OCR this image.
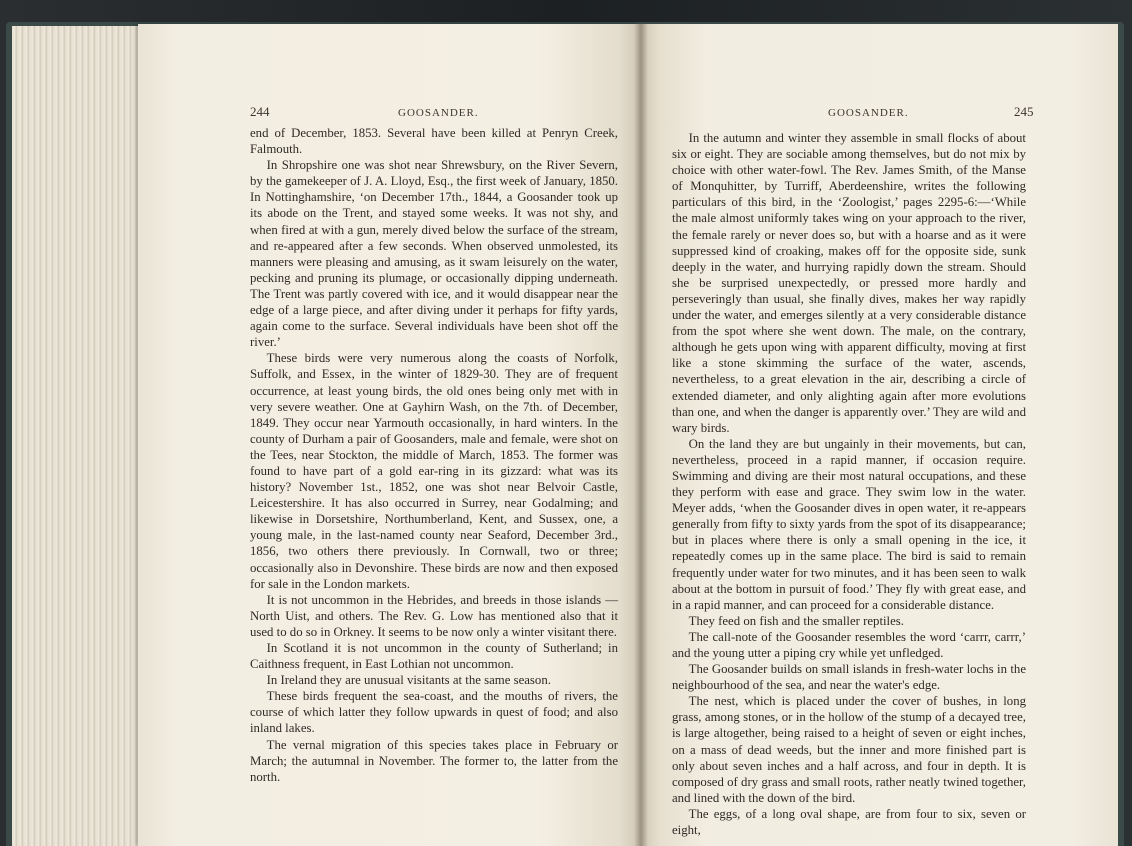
244	GOOSANDER.	GOOSANDER.	245

end of December, 1853. Several have been killed at Penryn Creek, Falmouth.

In Shropshire one was shot near Shrewsbury, on the River Severn, by the gamekeeper of J. A. Lloyd, Esq., the first week of January, 1850. In Nottinghamshire, ‘on December 17th., 1844, a Goosander took up its abode on the Trent, and stayed some weeks. It was not shy, and when fired at with a gun, merely dived below the surface of the stream, and re-appeared after a few seconds. When observed unmolested, its manners were pleasing and amusing, as it swam leisurely on the water, pecking and pruning its plumage, or occasionally dipping underneath. The Trent was partly covered with ice, and it would disappear near the edge of a large piece, and after diving under it perhaps for fifty yards, again come to the surface. Several individuals have been shot off the river.’

These birds were very numerous along the coasts of Norfolk, Suffolk, and Essex, in the winter of 1829-30. They are of frequent occurrence, at least young birds, the old ones being only met with in very severe weather. One at Gayhirn Wash, on the 7th. of December, 1849. They occur near Yarmouth occasionally, in hard winters. In the county of Durham a pair of Goosanders, male and female, were shot on the Tees, near Stockton, the middle of March, 1853. The former was found to have part of a gold ear-ring in its gizzard: what was its history? November 1st., 1852, one was shot near Belvoir Castle, Leicestershire. It has also occurred in Surrey, near Godalming; and likewise in Dorsetshire, Northumberland, Kent, and Sussex, one, a young male, in the last-named county near Seaford, December 3rd., 1856, two others there previously. In Cornwall, two or three; occasionally also in Devonshire. These birds are now and then exposed for sale in the London markets.

It is not uncommon in the Hebrides, and breeds in those islands —North Uist, and others. The Rev. G. Low has mentioned also that it used to do so in Orkney. It seems to be now only a winter visitant there.

In Scotland it is not uncommon in the county of Sutherland; in Caithness frequent, in East Lothian not uncommon.

In Ireland they are unusual visitants at the same season.

These birds frequent the sea-coast, and the mouths of rivers, the course of which latter they follow upwards in quest of food; and also inland lakes.

The vernal migration of this species takes place in February or March; the autumnal in November. The former to, the latter from the north.

In the autumn and winter they assemble in small flocks of about six or eight. They are sociable among themselves, but do not mix by choice with other water-fowl. The Rev. James Smith, of the Manse of Monquhitter, by Turriff, Aberdeenshire, writes the following particulars of this bird, in the ‘Zoologist,’ pages 2295-6:—‘While the male almost uniformly takes wing on your approach to the river, the female rarely or never does so, but with a hoarse and as it were suppressed kind of croaking, makes off for the opposite side, sunk deeply in the water, and hurrying rapidly down the stream. Should she be surprised unexpectedly, or pressed more hardly and perseveringly than usual, she finally dives, makes her way rapidly under the water, and emerges silently at a very considerable distance from the spot where she went down. The male, on the contrary, although he gets upon wing with apparent difficulty, moving at first like a stone skimming the surface of the water, ascends, nevertheless, to a great elevation in the air, describing a circle of extended diameter, and only alighting again after more evolutions than one, and when the danger is apparently over.’ They are wild and wary birds.

On the land they are but ungainly in their movements, but can, nevertheless, proceed in a rapid manner, if occasion require. Swimming and diving are their most natural occupations, and these they perform with ease and grace. They swim low in the water. Meyer adds, ‘when the Goosander dives in open water, it re-appears generally from fifty to sixty yards from the spot of its disappearance; but in places where there is only a small opening in the ice, it repeatedly comes up in the same place. The bird is said to remain frequently under water for two minutes, and it has been seen to walk about at the bottom in pursuit of food.’ They fly with great ease, and in a rapid manner, and can proceed for a considerable distance.

They feed on fish and the smaller reptiles.

The call-note of the Goosander resembles the word ‘carrr, carrr,’ and the young utter a piping cry while yet unfledged.

The Goosander builds on small islands in fresh-water lochs in the neighbourhood of the sea, and near the water's edge.

The nest, which is placed under the cover of bushes, in long grass, among stones, or in the hollow of the stump of a decayed tree, is large altogether, being raised to a height of seven or eight inches, on a mass of dead weeds, but the inner and more finished part is only about seven inches and a half across, and four in depth. It is composed of dry grass and small roots, rather neatly twined together, and lined with the down of the bird.

The eggs, of a long oval shape, are from four to six, seven or eight,
